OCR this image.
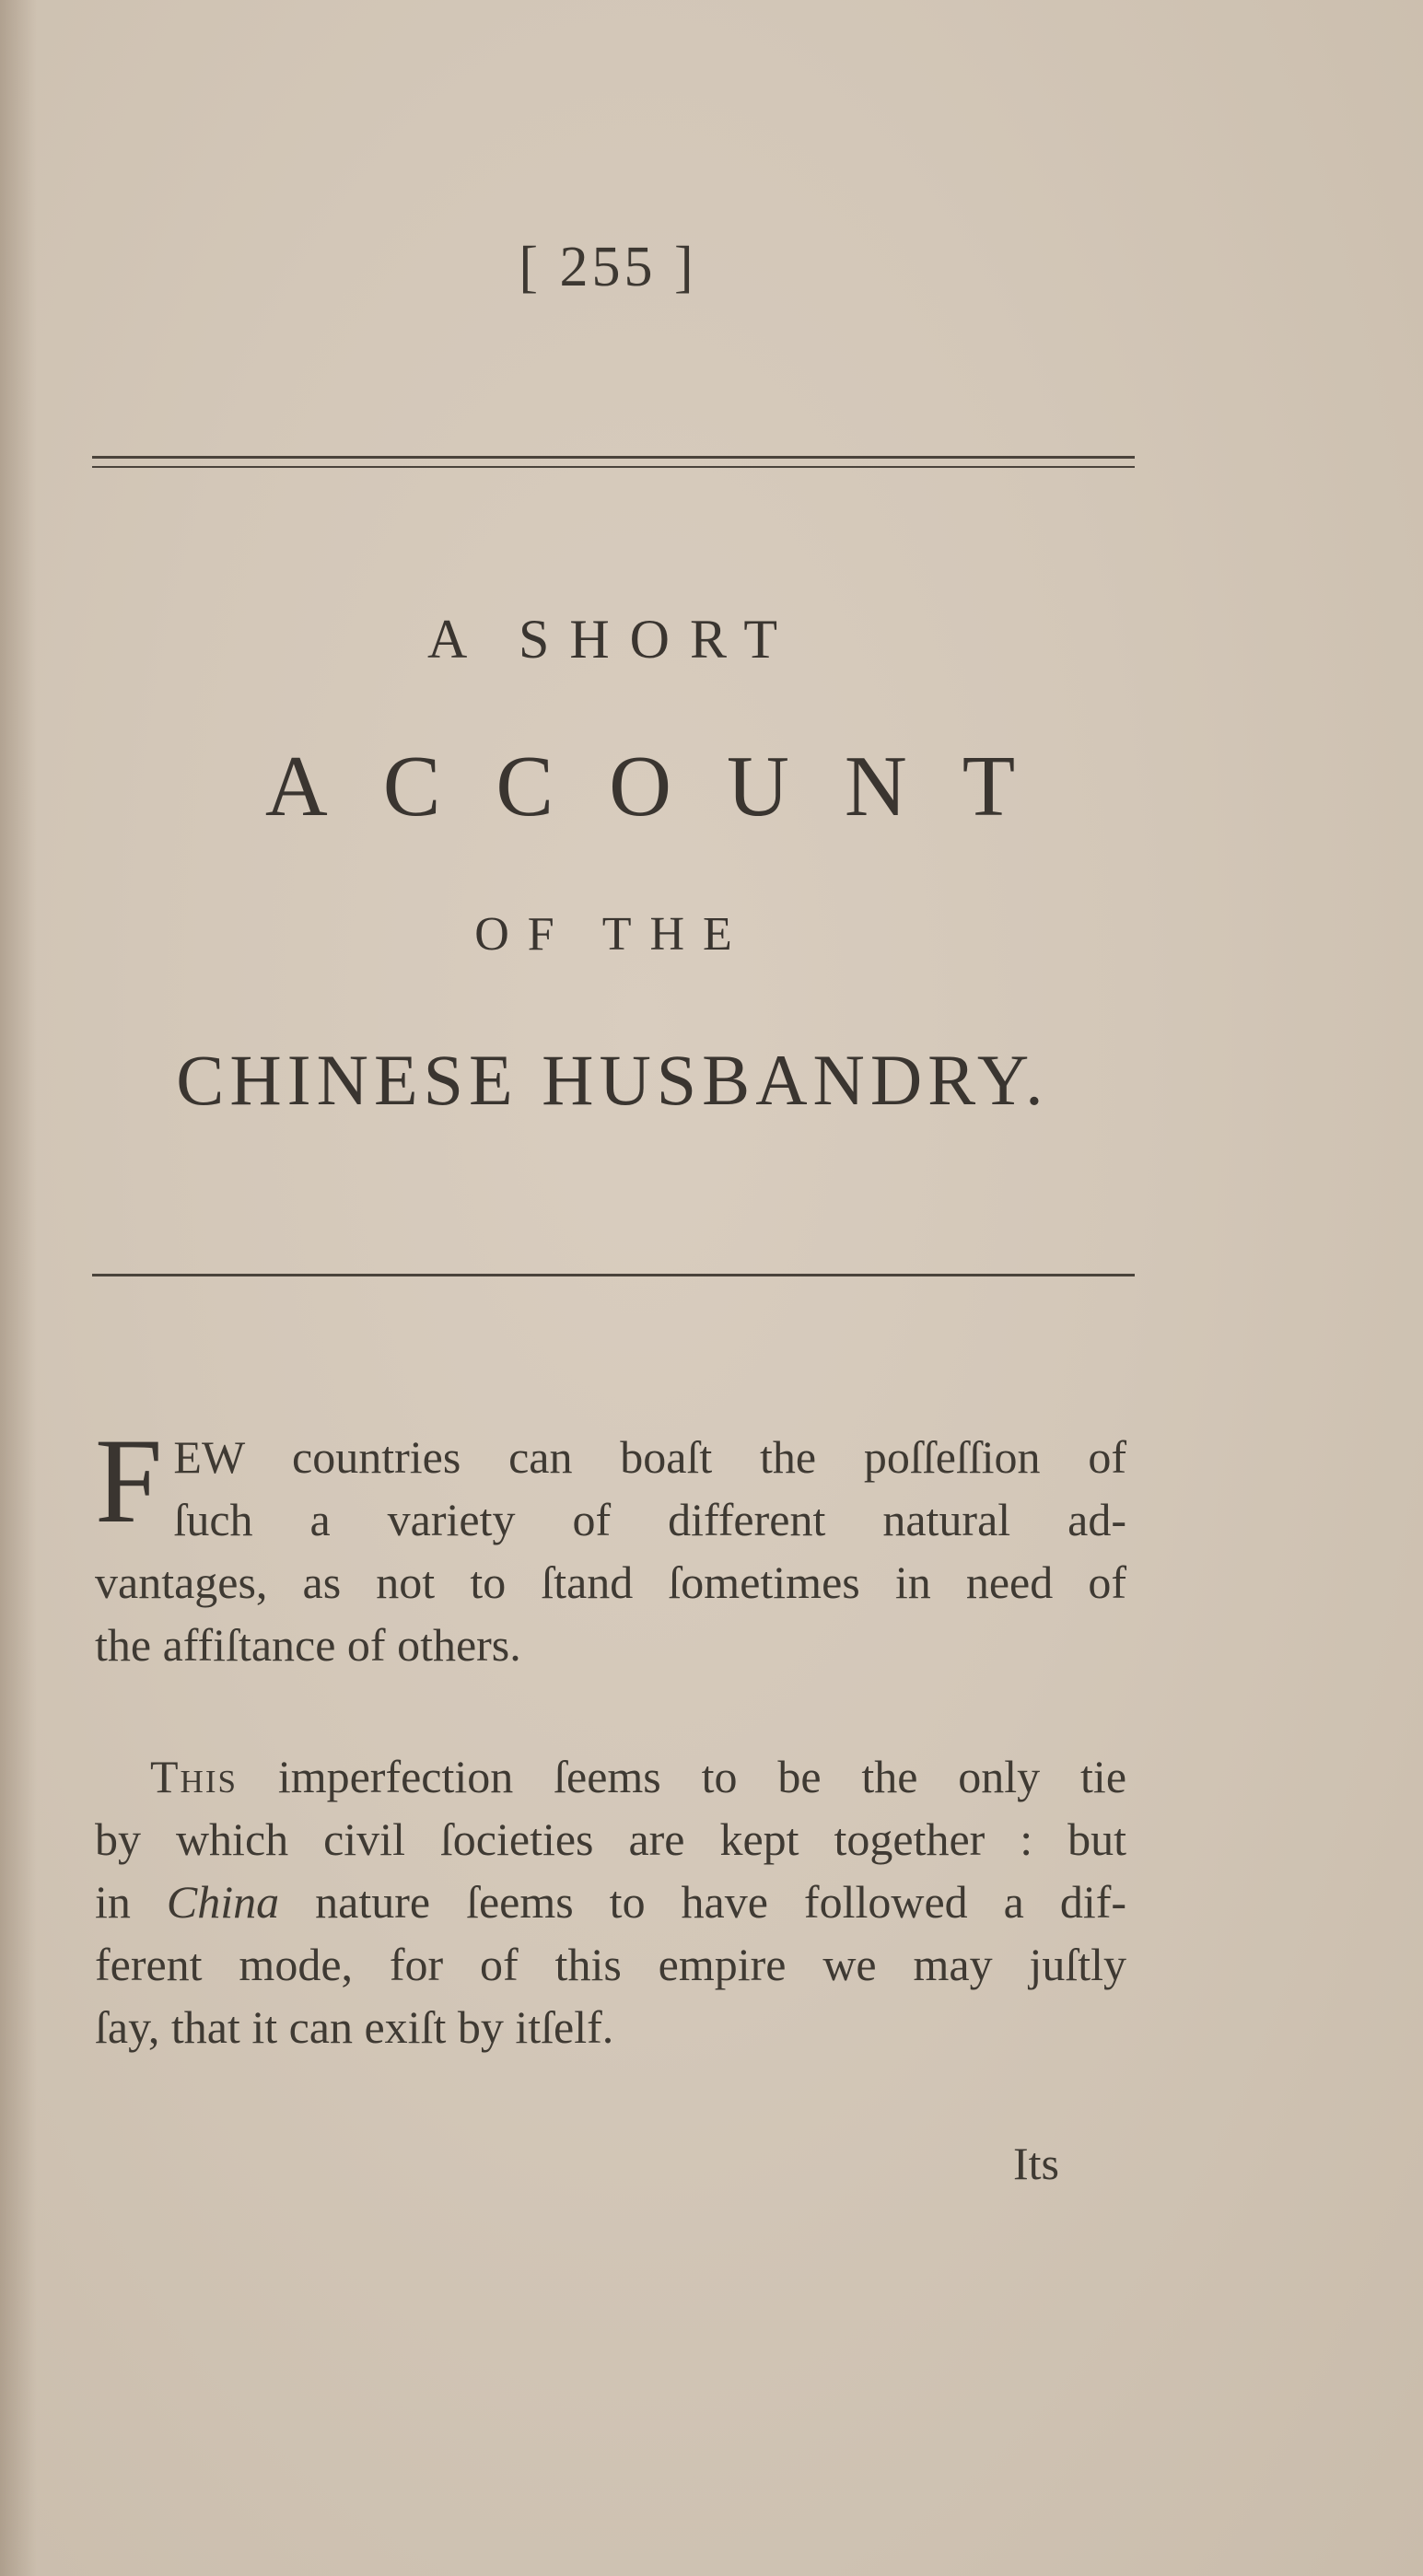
[ 255 ]
A SHORT
ACCOUNT
OF THE
CHINESE HUSBANDRY.
F EW countries can boaſt the poſſeſſion of
ſuch a variety of different natural ad-
vantages, as not to ſtand ſometimes in need of
the affiſtance of others.
This imperfection ſeems to be the only tie
by which civil ſocieties are kept together : but
in China nature ſeems to have followed a dif-
ferent mode, for of this empire we may juſtly
ſay, that it can exiſt by itſelf.
Its
